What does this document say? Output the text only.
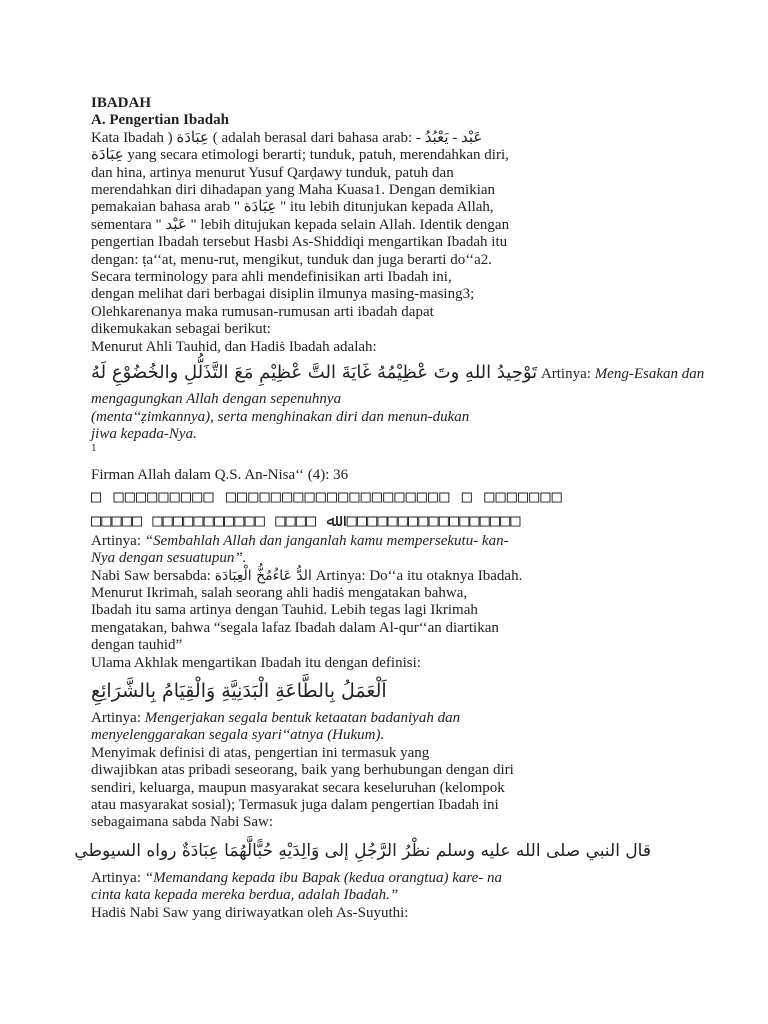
IBADAH
A. Pengertian Ibadah
Kata Ibadah ) عِبَادَة ( adalah berasal dari bahasa arab: - عَبْد - يَعْبُدُ
عِبَادَة yang secara etimologi berarti; tunduk, patuh, merendahkan diri,
dan hina, artinya menurut Yusuf Qarḍawy tunduk, patuh dan
merendahkan diri dihadapan yang Maha Kuasa1. Dengan demikian
pemakaian bahasa arab " عِبَادَة " itu lebih ditunjukan kepada Allah,
sementara " عَبْد " lebih ditujukan kepada selain Allah. Identik dengan
pengertian Ibadah tersebut Hasbi As-Shiddiqi mengartikan Ibadah itu
dengan: ṭa‘‘at, menu-rut, mengikut, tunduk dan juga berarti do‘‘a2.
Secara terminology para ahli mendefinisikan arti Ibadah ini,
dengan melihat dari berbagai disiplin ilmunya masing-masing3;
Olehkarenanya maka rumusan-rumusan arti ibadah dapat
dikemukakan sebagai berikut:
Menurut Ahli Tauhid, dan Hadiṡ Ibadah adalah:
تَوْحِيدُ اللهِ وتَ عْظِيْمُهُ غَايَةَ التَّ عْظِيْمِ مَعَ التَّذَلُّلِ والخُضُوْعِ لَهُ Artinya: Meng-Esakan dan
mengagungkan Allah dengan sepenuhnya
(menta‘‘ẓimkannya), serta menghinakan diri dan menun-dukan
jiwa kepada-Nya.
1
Firman Allah dalam Q.S. An-Nisa‘‘ (4): 36
□ □□□□□□□□□ □□□□□□□□□□□□□□□□□□□□ □ □□□□□□□
□□□□□ □□□□□□□□□□□ □□□□ ﷲ □□□□□□□□□□□□□□□□□
Artinya: “Sembahlah Allah dan janganlah kamu mempersekutu- kan-
Nya dengan sesuatupun”.
Nabi Saw bersabda: الدُّ عَاءُمُخُّ الْعِبَادَة Artinya: Do‘‘a itu otaknya Ibadah.
Menurut Ikrimah, salah seorang ahli hadiṡ mengatakan bahwa,
Ibadah itu sama artinya dengan Tauhid. Lebih tegas lagi Ikrimah
mengatakan, bahwa “segala lafaz Ibadah dalam Al-qur‘‘an diartikan
dengan tauhid”
Ulama Akhlak mengartikan Ibadah itu dengan definisi:
اَلْعَمَلُ بِالطَّاعَةِ الْبَدَنِيَّةِ وَالْقِيَامُ بِالشَّرَائِعِ
Artinya: Mengerjakan segala bentuk ketaatan badaniyah dan
menyelenggarakan segala syari‘‘atnya (Hukum).
Menyimak definisi di atas, pengertian ini termasuk yang
diwajibkan atas pribadi seseorang, baik yang berhubungan dengan diri
sendiri, keluarga, maupun masyarakat secara keseluruhan (kelompok
atau masyarakat sosial); Termasuk juga dalam pengertian Ibadah ini
sebagaimana sabda Nabi Saw:
قال النبي صلى الله عليه وسلم نظْرُ الرَّجُلِ إلى وَالِدَيْهِ حُبًّالَّهُمَا عِبَادَةٌ رواه السيوطي
Artinya: “Memandang kepada ibu Bapak (kedua orangtua) kare- na
cinta kata kepada mereka berdua, adalah Ibadah.”
Hadiṡ Nabi Saw yang diriwayatkan oleh As-Suyuthi:
